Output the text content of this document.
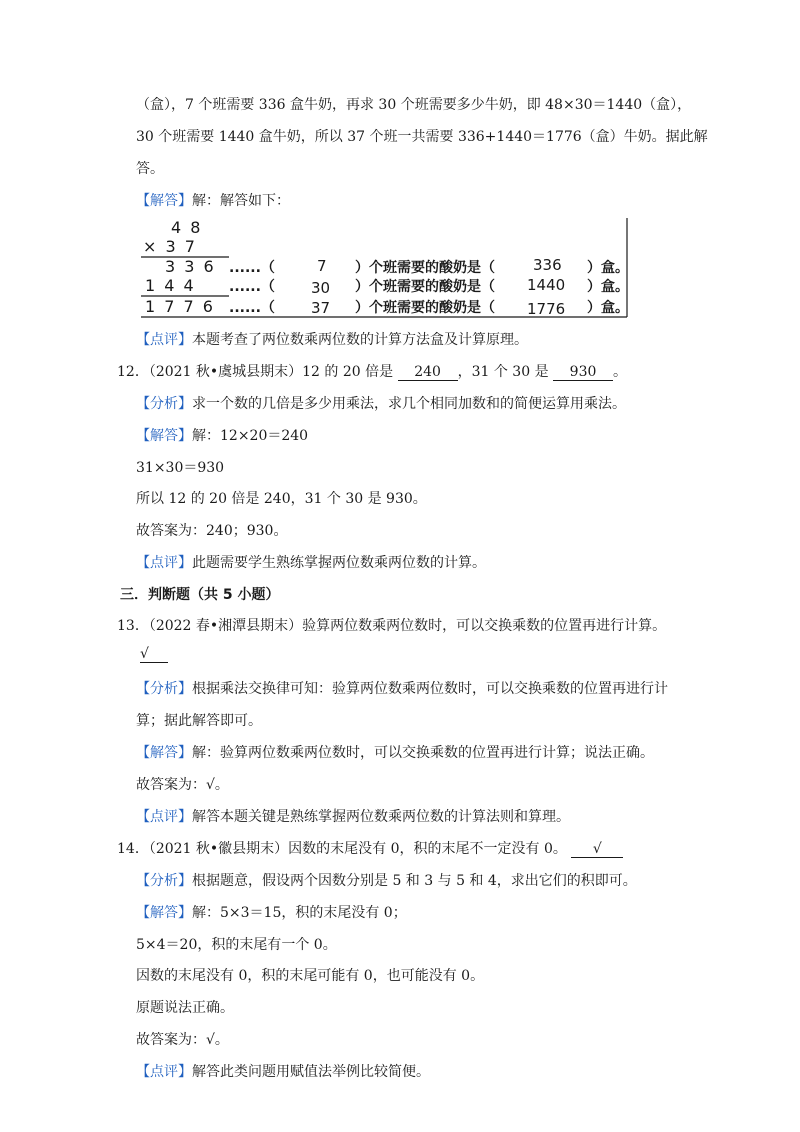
（盒），7 个班需要 336 盒牛奶，再求 30 个班需要多少牛奶，即 48×30＝1440（盒），
30 个班需要 1440 盒牛奶，所以 37 个班一共需要 336+1440＝1776（盒）牛奶。据此解
答。
【解答】解：解答如下：
4 8
× 3 7
3 3 6 ......（	7 ）个班需要的酸奶是（	336 ）盒。
1 4 4 ......（ 30 ）个班需要的酸奶是（ 1440 ）盒。
1 7 7 6 ......（ 37 ）个班需要的酸奶是（ 1776 ）盒。
【点评】本题考查了两位数乘两位数的计算方法盒及计算原理。
12．（2021 秋•虞城县期末）12 的 20 倍是 240 ，31 个 30 是 930 。
【分析】求一个数的几倍是多少用乘法，求几个相同加数和的简便运算用乘法。
【解答】解：12×20＝240
31×30＝930
所以 12 的 20 倍是 240，31 个 30 是 930。
故答案为：240；930。
【点评】此题需要学生熟练掌握两位数乘两位数的计算。
三．判断题（共 5 小题）
13．（2022 春•湘潭县期末）验算两位数乘两位数时，可以交换乘数的位置再进行计算。
√
【分析】根据乘法交换律可知：验算两位数乘两位数时，可以交换乘数的位置再进行计
算；据此解答即可。
【解答】解：验算两位数乘两位数时，可以交换乘数的位置再进行计算；说法正确。
故答案为：√。
【点评】解答本题关键是熟练掌握两位数乘两位数的计算法则和算理。
14．（2021 秋•徽县期末）因数的末尾没有 0，积的末尾不一定没有 0。 √
【分析】根据题意，假设两个因数分别是 5 和 3 与 5 和 4，求出它们的积即可。
【解答】解：5×3＝15，积的末尾没有 0；
5×4＝20，积的末尾有一个 0。
因数的末尾没有 0，积的末尾可能有 0，也可能没有 0。
原题说法正确。
故答案为：√。
【点评】解答此类问题用赋值法举例比较简便。
